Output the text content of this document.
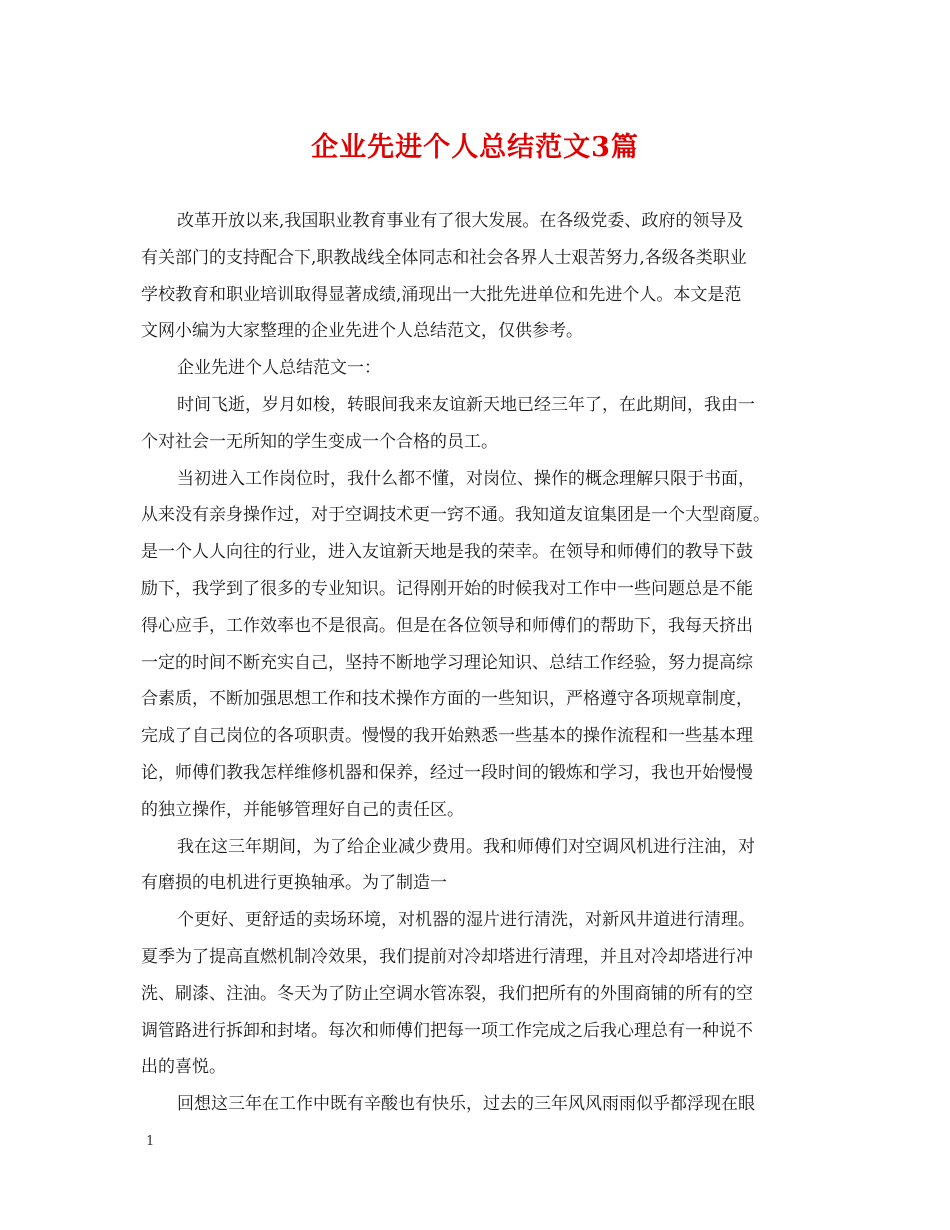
企业先进个人总结范文3篇
改革开放以来,我国职业教育事业有了很大发展。在各级党委、政府的领导及
有关部门的支持配合下,职教战线全体同志和社会各界人士艰苦努力,各级各类职业
学校教育和职业培训取得显著成绩,涌现出一大批先进单位和先进个人。本文是范
文网小编为大家整理的企业先进个人总结范文，仅供参考。
企业先进个人总结范文一：
时间飞逝，岁月如梭，转眼间我来友谊新天地已经三年了，在此期间，我由一
个对社会一无所知的学生变成一个合格的员工。
当初进入工作岗位时，我什么都不懂，对岗位、操作的概念理解只限于书面，
从来没有亲身操作过，对于空调技术更一窍不通。我知道友谊集团是一个大型商厦。
是一个人人向往的行业，进入友谊新天地是我的荣幸。在领导和师傅们的教导下鼓
励下，我学到了很多的专业知识。记得刚开始的时候我对工作中一些问题总是不能
得心应手，工作效率也不是很高。但是在各位领导和师傅们的帮助下，我每天挤出
一定的时间不断充实自己，坚持不断地学习理论知识、总结工作经验，努力提高综
合素质，不断加强思想工作和技术操作方面的一些知识，严格遵守各项规章制度，
完成了自己岗位的各项职责。慢慢的我开始熟悉一些基本的操作流程和一些基本理
论，师傅们教我怎样维修机器和保养，经过一段时间的锻炼和学习，我也开始慢慢
的独立操作，并能够管理好自己的责任区。
我在这三年期间，为了给企业减少费用。我和师傅们对空调风机进行注油，对
有磨损的电机进行更换轴承。为了制造一
个更好、更舒适的卖场环境，对机器的湿片进行清洗，对新风井道进行清理。
夏季为了提高直燃机制冷效果，我们提前对冷却塔进行清理，并且对冷却塔进行冲
洗、刷漆、注油。冬天为了防止空调水管冻裂，我们把所有的外围商铺的所有的空
调管路进行拆卸和封堵。每次和师傅们把每一项工作完成之后我心理总有一种说不
出的喜悦。
回想这三年在工作中既有辛酸也有快乐，过去的三年风风雨雨似乎都浮现在眼
1
